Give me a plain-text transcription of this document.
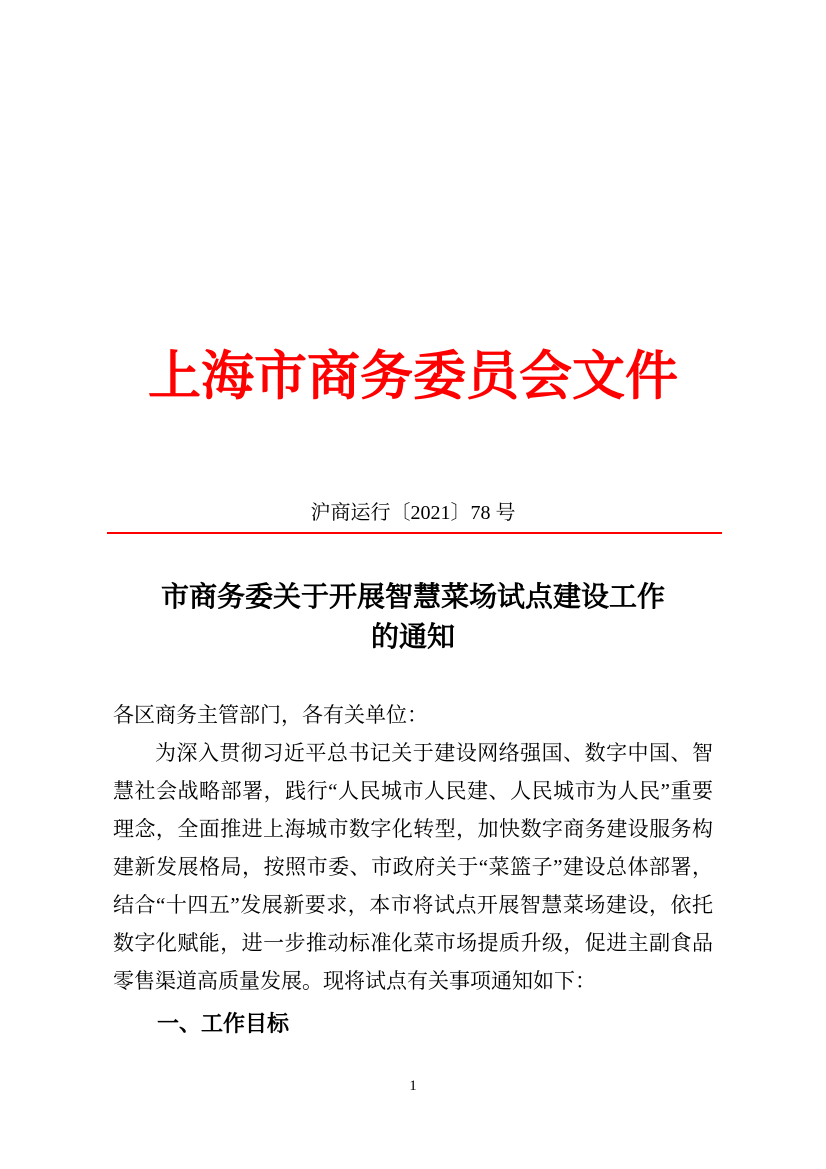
上海市商务委员会文件
沪商运行〔2021〕78 号
市商务委关于开展智慧菜场试点建设工作
的通知
各区商务主管部门，各有关单位：
为深入贯彻习近平总书记关于建设网络强国、数字中国、智慧社会战略部署，践行“人民城市人民建、人民城市为人民”重要理念，全面推进上海城市数字化转型，加快数字商务建设服务构建新发展格局，按照市委、市政府关于“菜篮子”建设总体部署，结合“十四五”发展新要求，本市将试点开展智慧菜场建设，依托数字化赋能，进一步推动标准化菜市场提质升级，促进主副食品零售渠道高质量发展。现将试点有关事项通知如下：
一、工作目标
1
